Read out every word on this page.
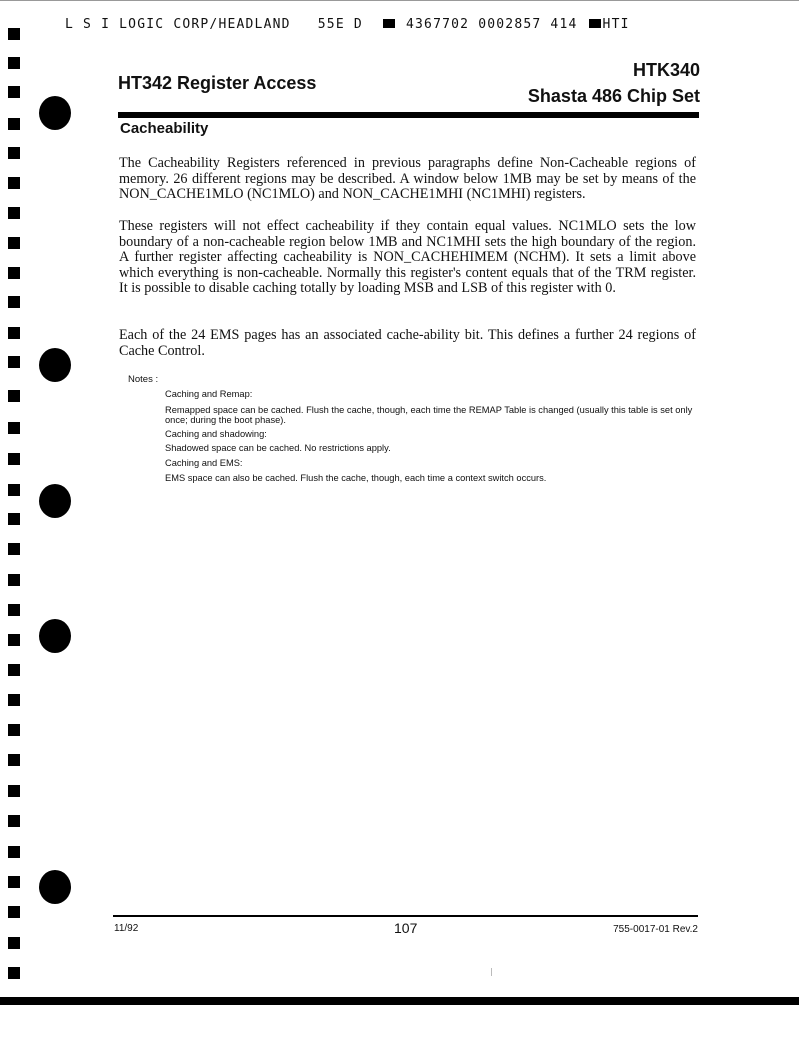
L S I LOGIC CORP/HEADLAND 55E D	4367702 0002857 414 HTI
HT342 Register Access
HTK340
Shasta 486 Chip Set
Cacheability

The Cacheability Registers referenced in previous paragraphs define Non-Cacheable regions of memory. 26 different regions may be described. A window below 1MB may be set by means of the NON_CACHE1MLO (NC1MLO) and NON_CACHE1MHI (NC1MHI) registers.

These registers will not effect cacheability if they contain equal values. NC1MLO sets the low boundary of a non-cacheable region below 1MB and NC1MHI sets the high boundary of the region. A further register affecting cacheability is NON_CACHEHIMEM (NCHM). It sets a limit above which everything is non-cacheable. Normally this register's content equals that of the TRM register. It is possible to disable caching totally by loading MSB and LSB of this register with 0.

Each of the 24 EMS pages has an associated cache-ability bit. This defines a further 24 regions of Cache Control.

Notes :
Caching and Remap:
Remapped space can be cached. Flush the cache, though, each time the REMAP Table is changed (usually this table is set only once; during the boot phase).
Caching and shadowing:
Shadowed space can be cached. No restrictions apply.
Caching and EMS:
EMS space can also be cached. Flush the cache, though, each time a context switch occurs.
11/92	107	755-0017-01 Rev.2
